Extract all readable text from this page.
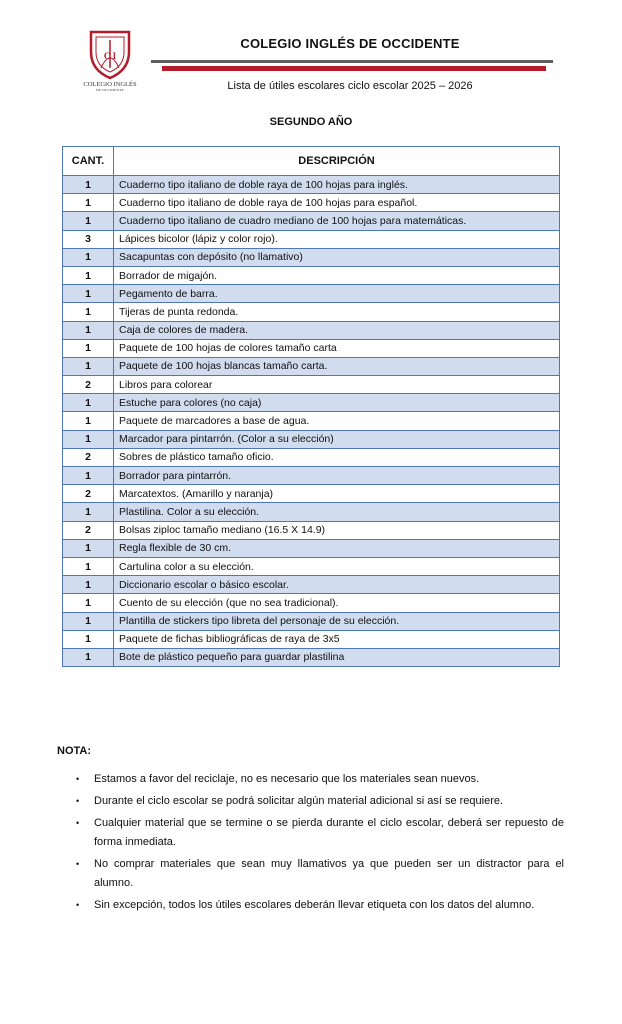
C I
COLEGIO INGLÉS
DE OCCIDENTE
COLEGIO INGLÉS DE OCCIDENTE
Lista de útiles escolares ciclo escolar 2025 – 2026
SEGUNDO AÑO
CANT.	DESCRIPCIÓN
1	Cuaderno tipo italiano de doble raya de 100 hojas para inglés.
1	Cuaderno tipo italiano de doble raya de 100 hojas para español.
1	Cuaderno tipo italiano de cuadro mediano de 100 hojas para matemáticas.
3	Lápices bicolor (lápiz y color rojo).
1	Sacapuntas con depósito (no llamativo)
1	Borrador de migajón.
1	Pegamento de barra.
1	Tijeras de punta redonda.
1	Caja de colores de madera.
1	Paquete de 100 hojas de colores tamaño carta
1	Paquete de 100 hojas blancas tamaño carta.
2	Libros para colorear
1	Estuche para colores (no caja)
1	Paquete de marcadores a base de agua.
1	Marcador para pintarrón. (Color a su elección)
2	Sobres de plástico tamaño oficio.
1	Borrador para pintarrón.
2	Marcatextos. (Amarillo y naranja)
1	Plastilina. Color a su elección.
2	Bolsas ziploc tamaño mediano (16.5 X 14.9)
1	Regla flexible de 30 cm.
1	Cartulina color a su elección.
1	Diccionario escolar o básico escolar.
1	Cuento de su elección (que no sea tradicional).
1	Plantilla de stickers tipo libreta del personaje de su elección.
1	Paquete de fichas bibliográficas de raya de 3x5
1	Bote de plástico pequeño para guardar plastilina
NOTA:
• Estamos a favor del reciclaje, no es necesario que los materiales sean nuevos.
• Durante el ciclo escolar se podrá solicitar algún material adicional si así se requiere.
• Cualquier material que se termine o se pierda durante el ciclo escolar, deberá ser repuesto de forma inmediata.
• No comprar materiales que sean muy llamativos ya que pueden ser un distractor para el alumno.
• Sin excepción, todos los útiles escolares deberán llevar etiqueta con los datos del alumno.
